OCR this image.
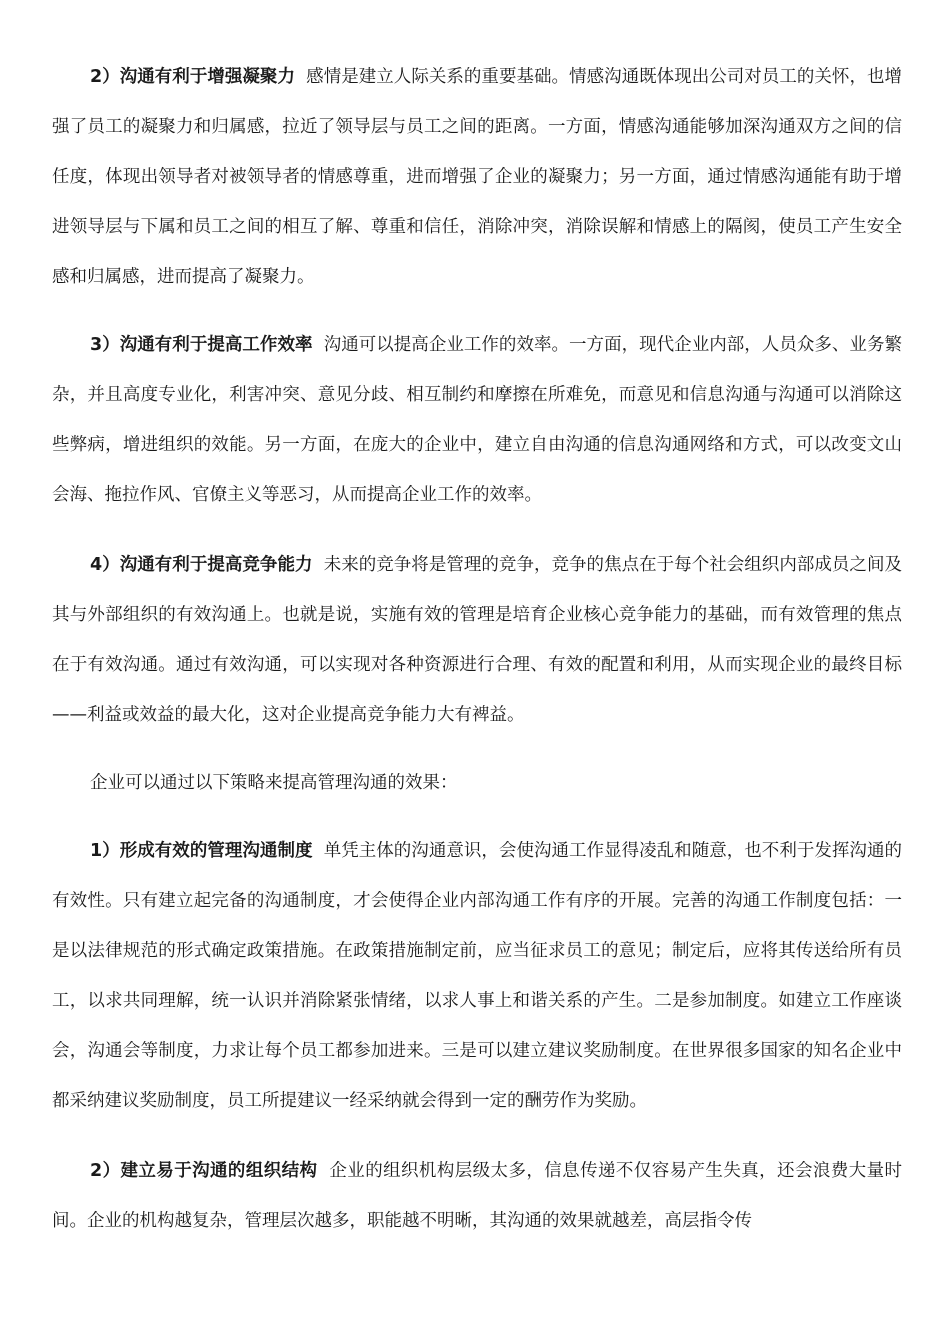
2）沟通有利于增强凝聚力 感情是建立人际关系的重要基础。情感沟通既体现出公司对员工的关怀，也增强了员工的凝聚力和归属感，拉近了领导层与员工之间的距离。一方面，情感沟通能够加深沟通双方之间的信任度，体现出领导者对被领导者的情感尊重，进而增强了企业的凝聚力；另一方面，通过情感沟通能有助于增进领导层与下属和员工之间的相互了解、尊重和信任，消除冲突，消除误解和情感上的隔阂，使员工产生安全感和归属感，进而提高了凝聚力。

3）沟通有利于提高工作效率 沟通可以提高企业工作的效率。一方面，现代企业内部，人员众多、业务繁杂，并且高度专业化，利害冲突、意见分歧、相互制约和摩擦在所难免，而意见和信息沟通与沟通可以消除这些弊病，增进组织的效能。另一方面，在庞大的企业中，建立自由沟通的信息沟通网络和方式，可以改变文山会海、拖拉作风、官僚主义等恶习，从而提高企业工作的效率。

4）沟通有利于提高竞争能力 未来的竞争将是管理的竞争，竞争的焦点在于每个社会组织内部成员之间及其与外部组织的有效沟通上。也就是说，实施有效的管理是培育企业核心竞争能力的基础，而有效管理的焦点在于有效沟通。通过有效沟通，可以实现对各种资源进行合理、有效的配置和利用，从而实现企业的最终目标——利益或效益的最大化，这对企业提高竞争能力大有裨益。

企业可以通过以下策略来提高管理沟通的效果：

1）形成有效的管理沟通制度 单凭主体的沟通意识，会使沟通工作显得凌乱和随意，也不利于发挥沟通的有效性。只有建立起完备的沟通制度，才会使得企业内部沟通工作有序的开展。完善的沟通工作制度包括：一是以法律规范的形式确定政策措施。在政策措施制定前，应当征求员工的意见；制定后，应将其传送给所有员工，以求共同理解，统一认识并消除紧张情绪，以求人事上和谐关系的产生。二是参加制度。如建立工作座谈会，沟通会等制度，力求让每个员工都参加进来。三是可以建立建议奖励制度。在世界很多国家的知名企业中都采纳建议奖励制度，员工所提建议一经采纳就会得到一定的酬劳作为奖励。

2）建立易于沟通的组织结构 企业的组织机构层级太多，信息传递不仅容易产生失真，还会浪费大量时间。企业的机构越复杂，管理层次越多，职能越不明晰，其沟通的效果就越差，高层指令传
